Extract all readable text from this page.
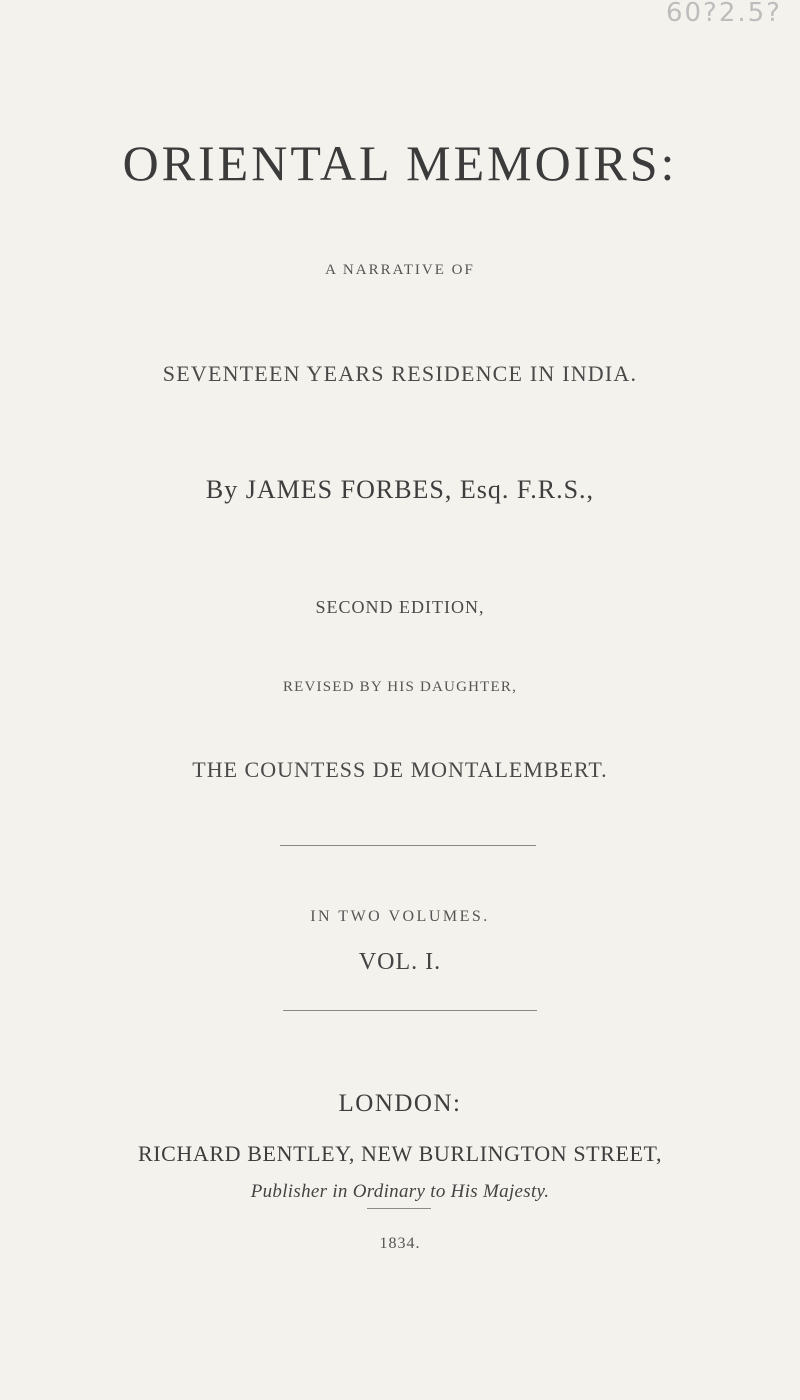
60?2.5?
ORIENTAL MEMOIRS:
A NARRATIVE OF
SEVENTEEN YEARS RESIDENCE IN INDIA.
By JAMES FORBES, Esq. F.R.S.,
SECOND EDITION,
REVISED BY HIS DAUGHTER,
THE COUNTESS DE MONTALEMBERT.
IN TWO VOLUMES.
VOL. I.
LONDON:
RICHARD BENTLEY, NEW BURLINGTON STREET,
Publisher in Ordinary to His Majesty.
1834.
